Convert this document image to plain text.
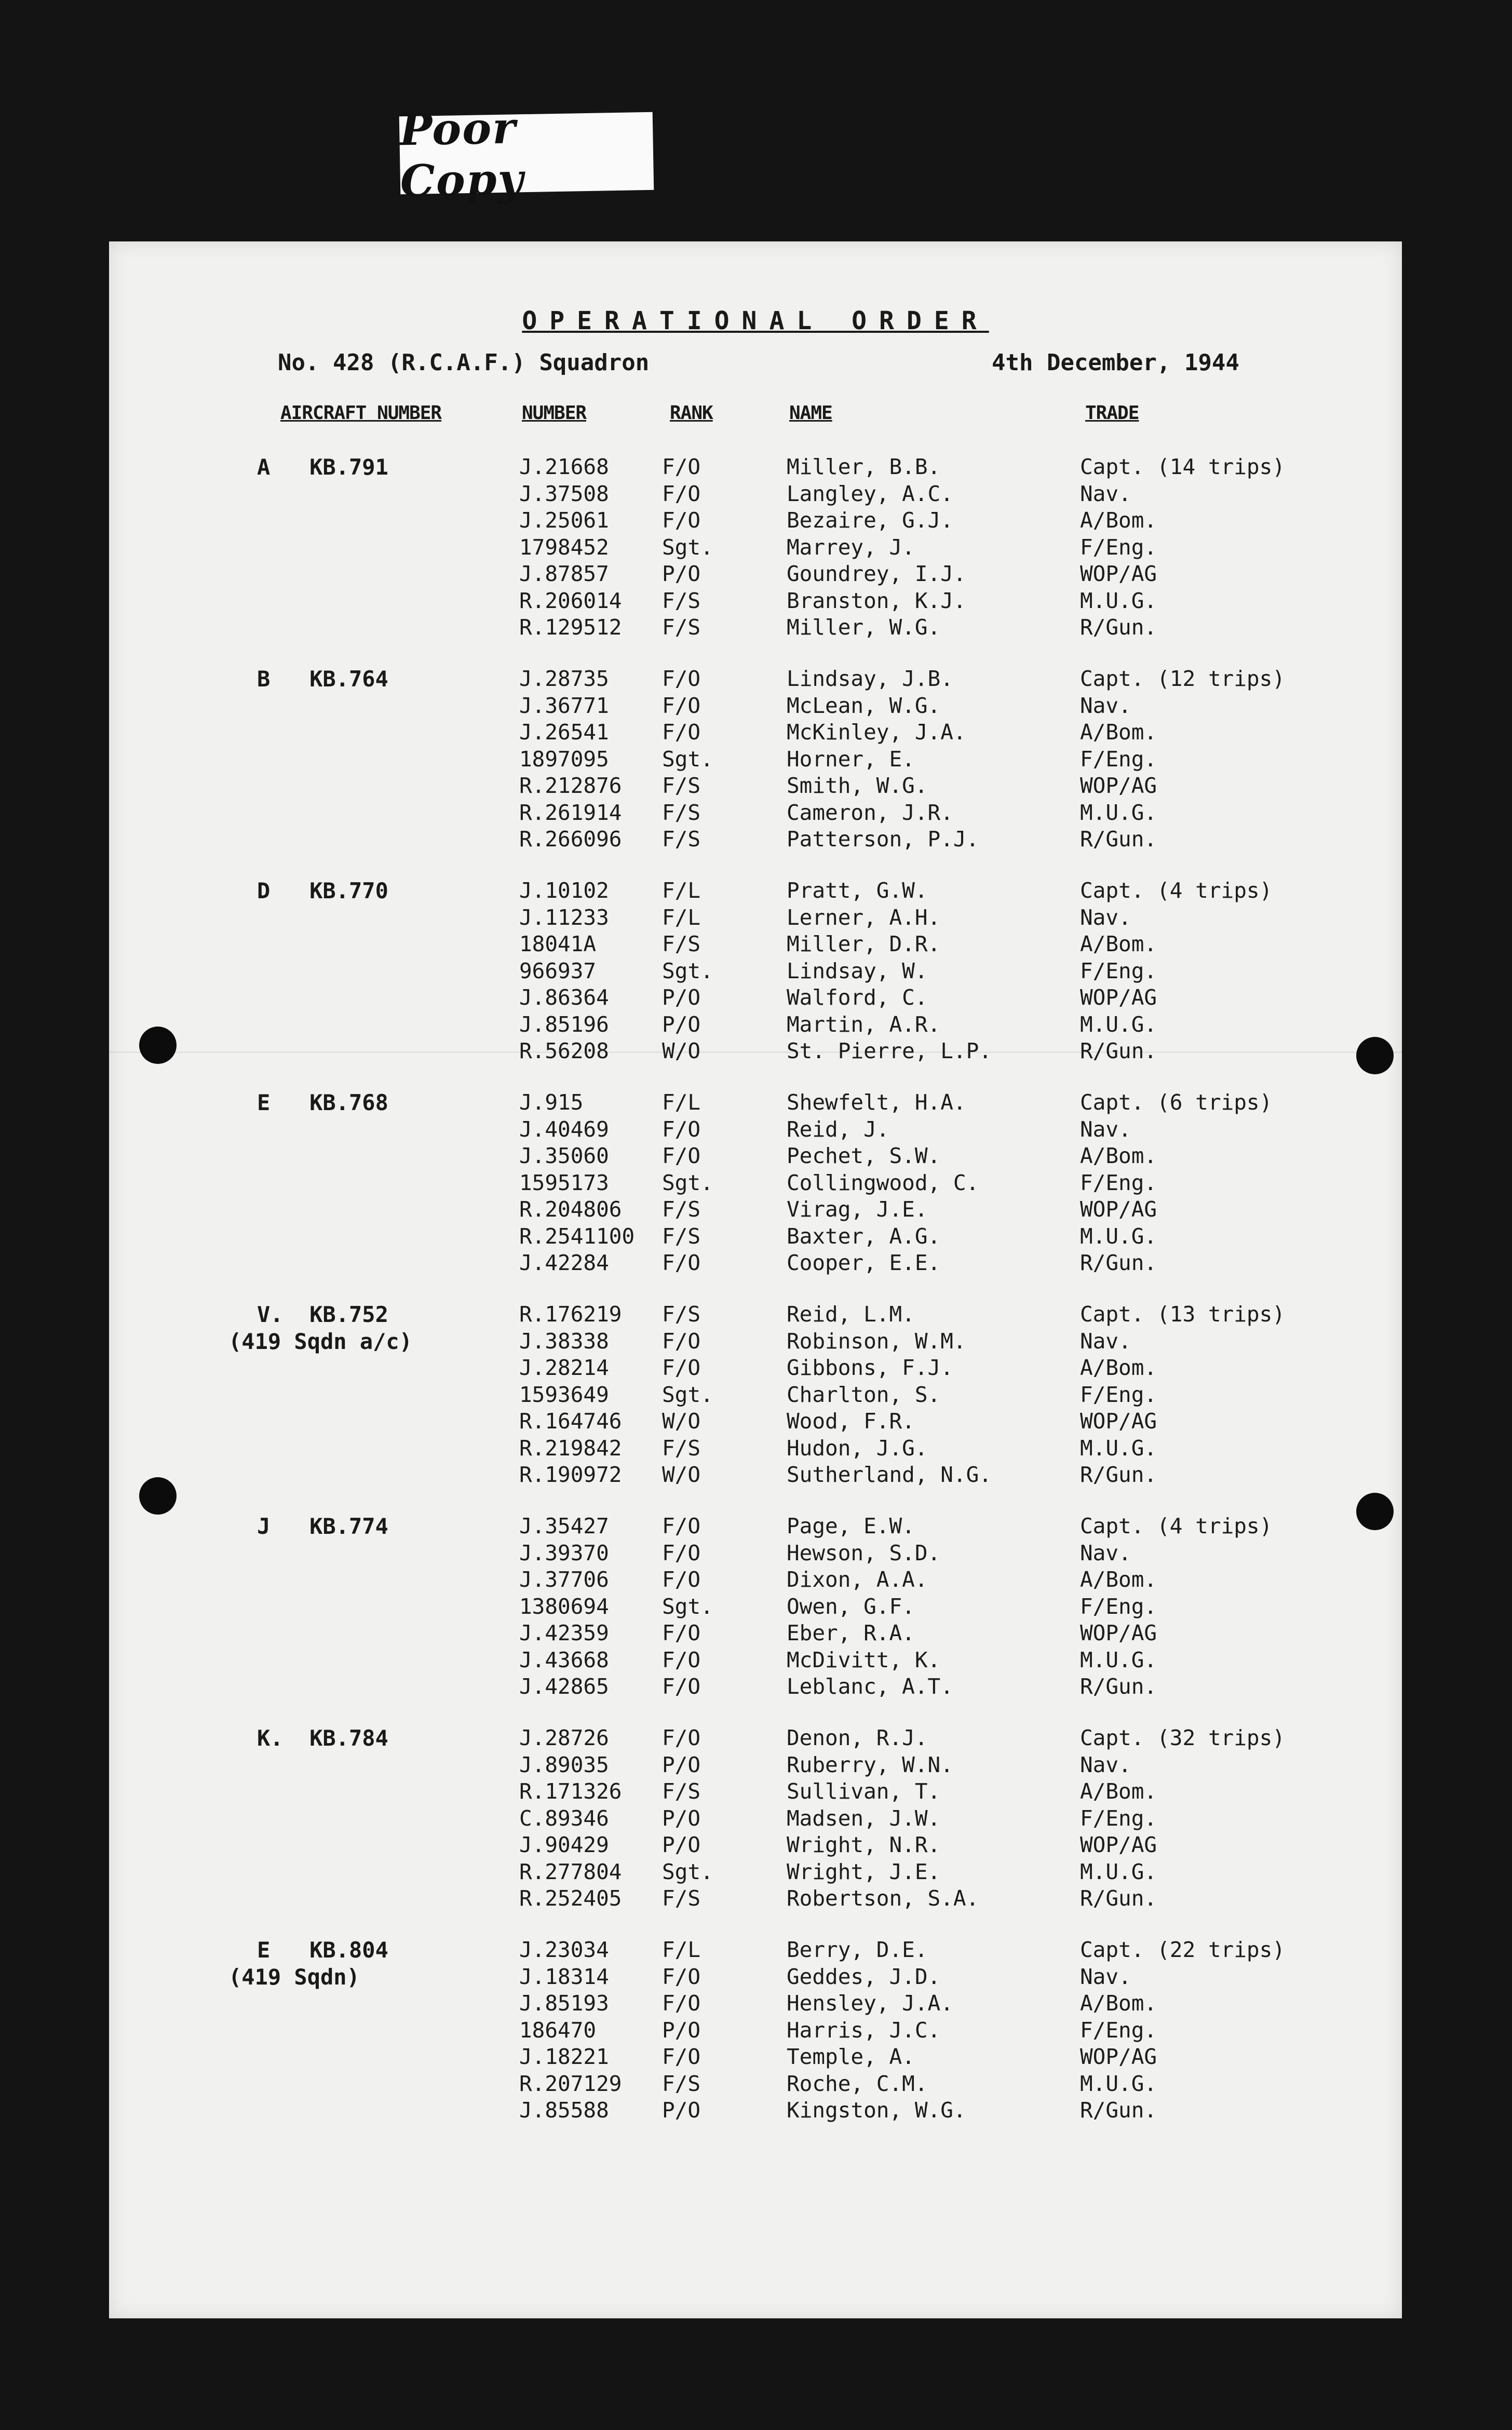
Poor Copy
OPERATIONAL ORDER
No. 428 (R.C.A.F.) Squadron	4th December, 1944
AIRCRAFT NUMBER	NUMBER	RANK	NAME	TRADE
A   KB.791	J.21668 F/O	Miller, B.B.	Capt. (14 trips)
J.37508 F/O	Langley, A.C.	Nav.
J.25061 F/O	Bezaire, G.J.	A/Bom.
1798452 Sgt.	Marrey, J.	F/Eng.
J.87857 P/O	Goundrey, I.J.	WOP/AG
R.206014 F/S	Branston, K.J.	M.U.G.
R.129512 F/S	Miller, W.G.	R/Gun.
B   KB.764	J.28735 F/O	Lindsay, J.B.	Capt. (12 trips)
J.36771 F/O	McLean, W.G.	Nav.
J.26541 F/O	McKinley, J.A.	A/Bom.
1897095 Sgt.	Horner, E.	F/Eng.
R.212876 F/S	Smith, W.G.	WOP/AG
R.261914 F/S	Cameron, J.R.	M.U.G.
R.266096 F/S	Patterson, P.J.	R/Gun.
D   KB.770	J.10102 F/L	Pratt, G.W.	Capt. (4 trips)
J.11233 F/L	Lerner, A.H.	Nav.
18041A	F/S	Miller, D.R.	A/Bom.
966937	Sgt.	Lindsay, W.	F/Eng.
J.86364 P/O	Walford, C.	WOP/AG
J.85196 P/O	Martin, A.R.	M.U.G.
R.56208 W/O	St. Pierre, L.P.	R/Gun.
E   KB.768	J.915	F/L	Shewfelt, H.A.	Capt. (6 trips)
J.40469 F/O	Reid, J.	Nav.
J.35060 F/O	Pechet, S.W.	A/Bom.
1595173 Sgt.	Collingwood, C.	F/Eng.
R.204806 F/S	Virag, J.E.	WOP/AG
R.2541100 F/S	Baxter, A.G.	M.U.G.
J.42284 F/O	Cooper, E.E.	R/Gun.
V.  KB.752
(419 Sqdn a/c)
R.176219 F/S	Reid, L.M.	Capt. (13 trips)
J.38338 F/O	Robinson, W.M.	Nav.
J.28214 F/O	Gibbons, F.J.	A/Bom.
1593649 Sgt.	Charlton, S.	F/Eng.
R.164746 W/O	Wood, F.R.	WOP/AG
R.219842 F/S	Hudon, J.G.	M.U.G.
R.190972 W/O	Sutherland, N.G.	R/Gun.
J   KB.774	J.35427 F/O	Page, E.W.	Capt. (4 trips)
J.39370 F/O	Hewson, S.D.	Nav.
J.37706 F/O	Dixon, A.A.	A/Bom.
1380694 Sgt.	Owen, G.F.	F/Eng.
J.42359 F/O	Eber, R.A.	WOP/AG
J.43668 F/O	McDivitt, K.	M.U.G.
J.42865 F/O	Leblanc, A.T.	R/Gun.
K.  KB.784	J.28726 F/O	Denon, R.J.	Capt. (32 trips)
J.89035 P/O	Ruberry, W.N.	Nav.
R.171326 F/S	Sullivan, T.	A/Bom.
C.89346 P/O	Madsen, J.W.	F/Eng.
J.90429 P/O	Wright, N.R.	WOP/AG
R.277804 Sgt.	Wright, J.E.	M.U.G.
R.252405 F/S	Robertson, S.A.	R/Gun.
E   KB.804
(419 Sqdn)
J.23034 F/L	Berry, D.E.	Capt. (22 trips)
J.18314 F/O	Geddes, J.D.	Nav.
J.85193 F/O	Hensley, J.A.	A/Bom.
186470	P/O	Harris, J.C.	F/Eng.
J.18221 F/O	Temple, A.	WOP/AG
R.207129 F/S	Roche, C.M.	M.U.G.
J.85588 P/O	Kingston, W.G.	R/Gun.
